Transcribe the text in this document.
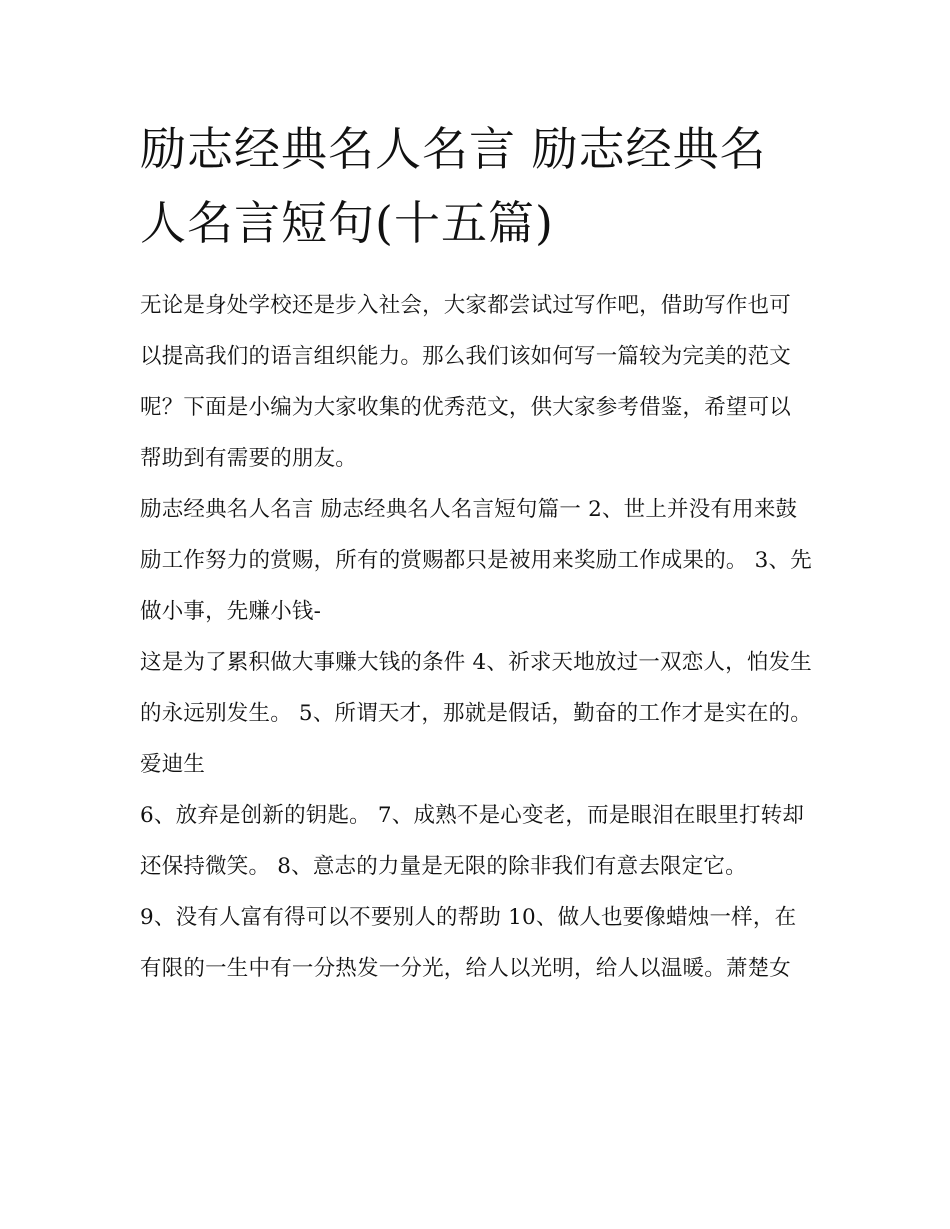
励志经典名人名言 励志经典名人名言短句(十五篇)

无论是身处学校还是步入社会，大家都尝试过写作吧，借助写作也可以提高我们的语言组织能力。那么我们该如何写一篇较为完美的范文呢？下面是小编为大家收集的优秀范文，供大家参考借鉴，希望可以帮助到有需要的朋友。

励志经典名人名言 励志经典名人名言短句篇一 2、世上并没有用来鼓励工作努力的赏赐，所有的赏赐都只是被用来奖励工作成果的。 3、先做小事，先赚小钱-

这是为了累积做大事赚大钱的条件 4、祈求天地放过一双恋人，怕发生的永远别发生。 5、所谓天才，那就是假话，勤奋的工作才是实在的。爱迪生

6、放弃是创新的钥匙。 7、成熟不是心变老，而是眼泪在眼里打转却还保持微笑。 8、意志的力量是无限的除非我们有意去限定它。

9、没有人富有得可以不要别人的帮助 10、做人也要像蜡烛一样，在有限的一生中有一分热发一分光，给人以光明，给人以温暖。萧楚女
